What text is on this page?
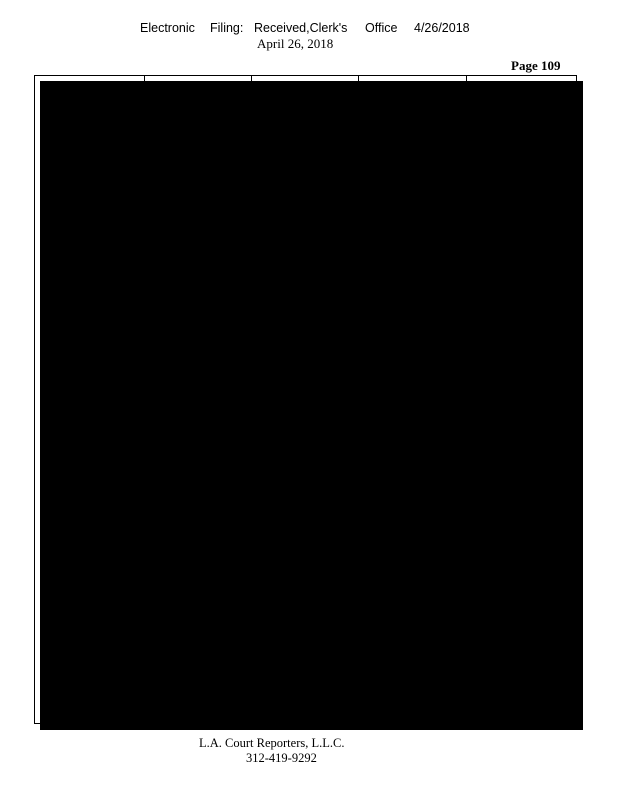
Electronic

Filing:

Received,Clerk's

Office

4/26/2018

April 26, 2018
Page 109
terminology-wise
58:9
tems 16:3 24:8
82:13
terrible 9:24
terrifying 8:12,13
testified 26:6 59:8
testify 60:7
testimony 32:1
70:5
Texas 15:17 44:5,9
44:11,11 50:6
63:19,23 68:4
Texas-based 14:16
thank 7:19 10:13
10:23 11:9 13:9
14:22,23 15:7
19:16,17 22:13,14
25:5,8,10 27:9
29:21,22 34:13,14
34:20 37:4,24
40:22 43:19 45:7
45:8 47:1,4,12,12
48:8,9 49:4 51:14
51:15 54:3,14,18
55:20,21 56:21
57:1,2 58:22
59:23 60:21 62:5
62:6,8 65:3 66:17
70:4,6,8,10 75:1,7
77:19 79:18,19
82:2,3,6,24 83:1,5
84:21 86:11,12
87:13,14,21 88:1
88:4,15,16 89:19
90:24 91:2
Thanks 30:2 40:20
therapist 58:9
they'd 17:13 81:12
thing 6:18 7:24
27:8 29:8 34:3
37:17 39:9 53:23
55:4 75:20 84:5
84:20
things 44:22 58:16
72:9 74:8 75:16
75:17 77:9,12
83:16,19
think 8:18,21 10:8
10:15,18 13:2
17:2,11 31:3,7
38:17,22 43:7
44:3,22 47:18
54:9 55:24 57:21
65:22 66:5 76:15
82:13 84:12,17
85:8,9 86:2 88:18
89:6
thinking 26:18
thinks 90:7
third 23:1 63:13
66:8
Thompson 2:2
thought 83:14
thousand 62:15
85:6
thousands 35:14
41:24 61:24 87:3
threat 53:15
threatening 36:21
53:12,14 63:12
threatens 17:4
52:13
threats 30:21
three 8:1 11:20
35:9 36:16 38:6
43:4,17 49:15
52:8 63:18 71:5
three-hour 10:7
throw-away 21:8
Thursday 73:11
tighter 53:4
time 6:2,7,9,22 7:19
7:20 10:13 13:9
16:17 18:12 26:17
28:1 34:23 37:4
38:18 40:11 43:15
43:20,20 44:20
47:9 50:14,21
53:24 54:5,20
55:5 56:12 62:21
62:23 74:21 75:6
76:24 84:12,18
86:11,13 87:6,20
89:4,15 90:23,24
times 11:20 15:20
35:9 70:13 84:15
Tipsord 1:11 2:5
3:2 5:1,5 10:14,18
10:23 11:6 13:10
14:23 18:11,16
19:17 22:14 25:8
27:9 29:15,22
34:14 39:11 40:22
45:8 47:5,12 48:9
48:11 51:15 54:4
54:7,12 55:21
56:2,22 57:2
58:22 60:16 62:6
65:4 66:18 70:6
75:7 76:18 79:19
82:3 83:1,5 84:22
86:12 87:14 88:16
88:22 89:8
today 7:20 12:20
19:23 25:11 36:11
37:6 39:24 40:9
40:21 41:6,23
45:15 50:21 55:3
59:7,18,23 64:23
75:9 78:9 80:6
81:10 84:6 85:7
85:10 90:14
told 64:1 89:1
tomorrow 88:21
90:18
Tompkins 3:16
47:6,10,14 48:10
Toni 3:4 11:2,4
tonight 5:20 6:5
62:9 82:7 88:7
89:22
tonnage 32:16 33:9
tons 68:17,17
top 47:18
topics 78:1
tornado 10:4
total 15:7
touched 85:12
town 33:16
Township 54:18
toxic 8:6 36:12
41:10,12,18 42:8
61:3,8,14
toxicity 16:5
toxins 8:7,8
track 6:6
Tracy 3:11 29:23
30:4
tragedy 15:16
trajectory 43:18
transcript 1:10
92:9
transcripts 6:19
transfer 53:7
transitioned 68:15
transitioning 68:12
68:18
traveled 87:24
treat 63:21
treatment 59:5
60:5
tri-county 10:22
Tribune 14:11 27:2
37:13 65:24
tried 10:3 45:1 51:7
trip 60:6
Trudeau 4:10 83:7
83:8,9 84:1
true 15:14 39:6
92:9
truly 27:1
trust 11:17 12:23
22:6 40:14
try 39:4 49:1 77:12
88:21
trying 14:3 25:22
38:1 44:14
turn 66:7
turnout 88:7
twice 55:23 66:1
74:16
two 9:17,21,23 10:5
12:22 17:20 18:14
18:17 19:5 26:18
29:19 36:6 41:11
49:13 52:12 53:11
59:15 65:13 67:11
71:11 75:15 88:24
typical 12:12
U
U.S 35:7
ultimately 80:21
umbrella 74:23
unacceptable 68:8
68:9 69:11
uncertainty 85:13
unclear 80:8
unconscionable
46:19
under-the-table
26:24
underground
16:16 18:9,21
underhanded
26:21
underlying 31:13
understand 55:7
66:13 71:6 72:9
understanding
72:24 81:8
understood 81:4
undo 78:20
unfathomable 50:4
unfortunate 72:2
unfortunately
32:19 35:7
Unit 5:19
United 13:5 63:7
University 59:14
unjustified 71:7
unlined 12:8
unload 80:18
unnatural 42:18
L.A. Court Reporters, L.L.C.
312-419-9292
